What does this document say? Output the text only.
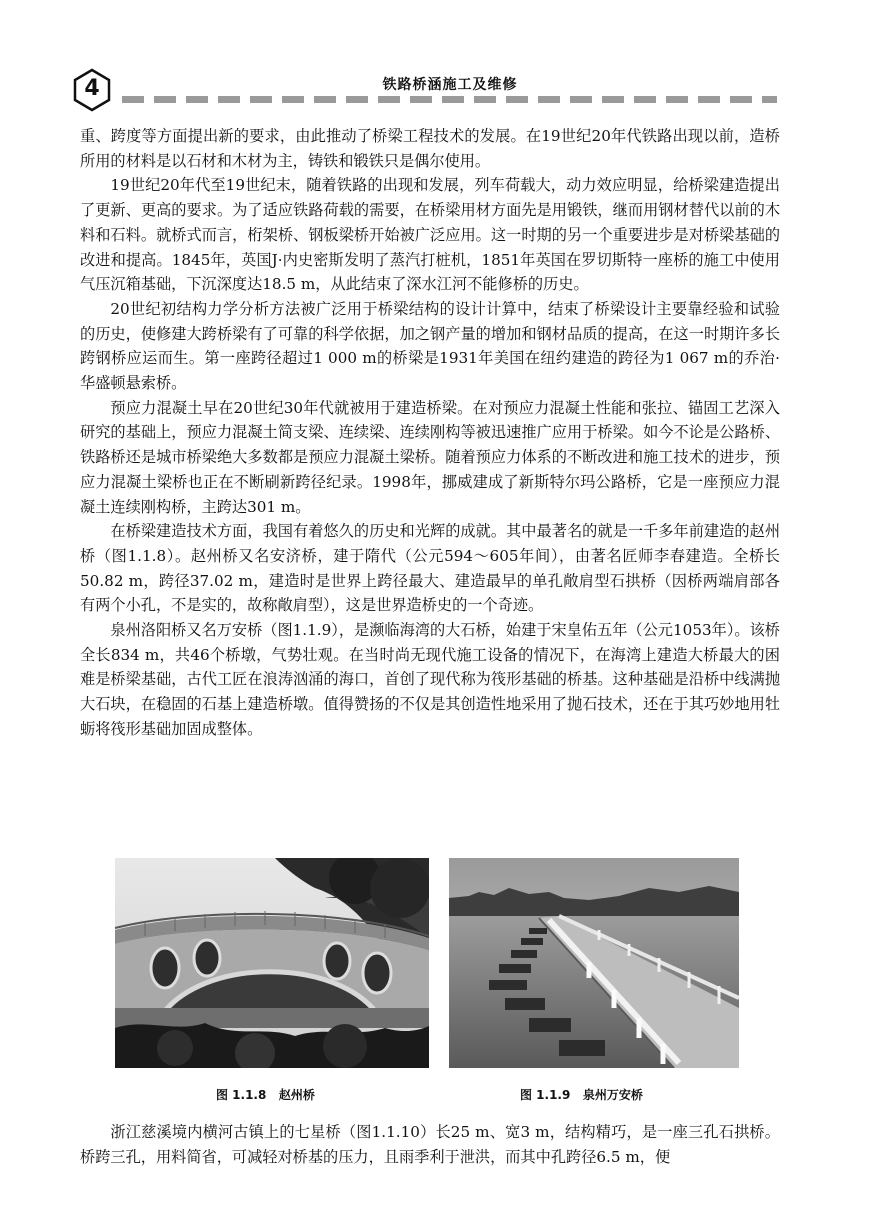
4	铁路桥涵施工及维修

重、跨度等方面提出新的要求，由此推动了桥梁工程技术的发展。在19世纪20年代铁路出现以前，造桥所用的材料是以石材和木材为主，铸铁和锻铁只是偶尔使用。

19世纪20年代至19世纪末，随着铁路的出现和发展，列车荷载大，动力效应明显，给桥梁建造提出了更新、更高的要求。为了适应铁路荷载的需要，在桥梁用材方面先是用锻铁，继而用钢材替代以前的木料和石料。就桥式而言，桁架桥、钢板梁桥开始被广泛应用。这一时期的另一个重要进步是对桥梁基础的改进和提高。1845年，英国J·内史密斯发明了蒸汽打桩机，1851年英国在罗切斯特一座桥的施工中使用气压沉箱基础，下沉深度达18.5 m，从此结束了深水江河不能修桥的历史。

20世纪初结构力学分析方法被广泛用于桥梁结构的设计计算中，结束了桥梁设计主要靠经验和试验的历史，使修建大跨桥梁有了可靠的科学依据，加之钢产量的增加和钢材品质的提高，在这一时期许多长跨钢桥应运而生。第一座跨径超过1 000 m的桥梁是1931年美国在纽约建造的跨径为1 067 m的乔治·华盛顿悬索桥。

预应力混凝土早在20世纪30年代就被用于建造桥梁。在对预应力混凝土性能和张拉、锚固工艺深入研究的基础上，预应力混凝土简支梁、连续梁、连续刚构等被迅速推广应用于桥梁。如今不论是公路桥、铁路桥还是城市桥梁绝大多数都是预应力混凝土梁桥。随着预应力体系的不断改进和施工技术的进步，预应力混凝土梁桥也正在不断刷新跨径纪录。1998年，挪威建成了新斯特尔玛公路桥，它是一座预应力混凝土连续刚构桥，主跨达301 m。

在桥梁建造技术方面，我国有着悠久的历史和光辉的成就。其中最著名的就是一千多年前建造的赵州桥（图1.1.8）。赵州桥又名安济桥，建于隋代（公元594～605年间），由著名匠师李春建造。全桥长50.82 m，跨径37.02 m，建造时是世界上跨径最大、建造最早的单孔敞肩型石拱桥（因桥两端肩部各有两个小孔，不是实的，故称敞肩型），这是世界造桥史的一个奇迹。

泉州洛阳桥又名万安桥（图1.1.9），是濒临海湾的大石桥，始建于宋皇佑五年（公元1053年）。该桥全长834 m，共46个桥墩，气势壮观。在当时尚无现代施工设备的情况下，在海湾上建造大桥最大的困难是桥梁基础，古代工匠在浪涛汹涌的海口，首创了现代称为筏形基础的桥基。这种基础是沿桥中线满抛大石块，在稳固的石基上建造桥墩。值得赞扬的不仅是其创造性地采用了抛石技术，还在于其巧妙地用牡蛎将筏形基础加固成整体。

图 1.1.8 赵州桥	图 1.1.9 泉州万安桥

浙江慈溪境内横河古镇上的七星桥（图1.1.10）长25 m、宽3 m，结构精巧，是一座三孔石拱桥。桥跨三孔，用料简省，可减轻对桥基的压力，且雨季利于泄洪，而其中孔跨径6.5 m，便
